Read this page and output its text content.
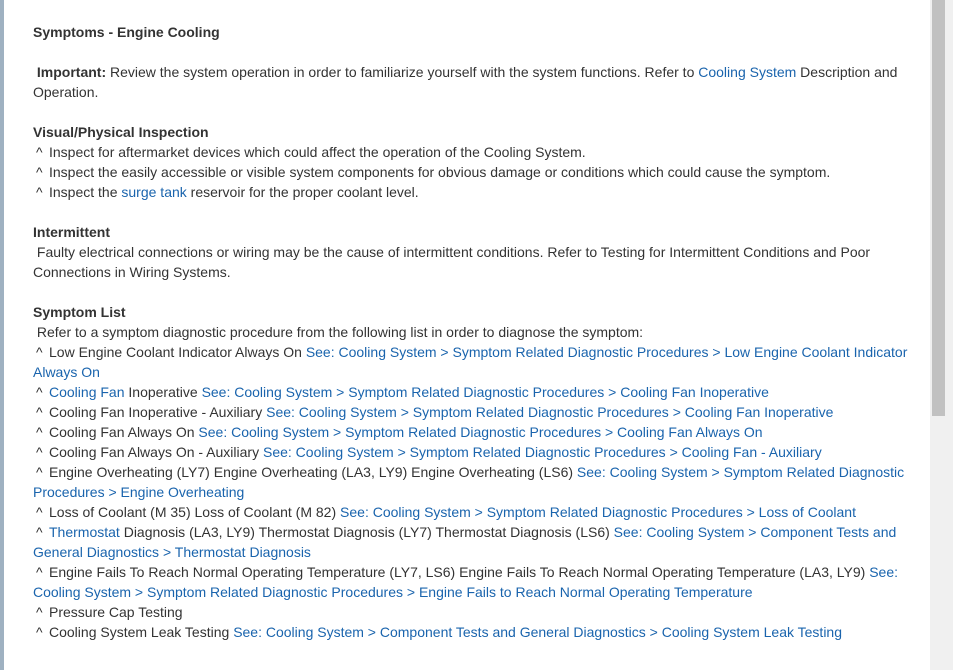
Symptoms - Engine Cooling

Important: Review the system operation in order to familiarize yourself with the system functions. Refer to Cooling System Description and Operation.

Visual/Physical Inspection

^ Inspect for aftermarket devices which could affect the operation of the Cooling System.

^ Inspect the easily accessible or visible system components for obvious damage or conditions which could cause the symptom.

^ Inspect the surge tank reservoir for the proper coolant level.

Intermittent

Faulty electrical connections or wiring may be the cause of intermittent conditions. Refer to Testing for Intermittent Conditions and Poor Connections in Wiring Systems.

Symptom List

Refer to a symptom diagnostic procedure from the following list in order to diagnose the symptom:

^ Low Engine Coolant Indicator Always On See: Cooling System > Symptom Related Diagnostic Procedures > Low Engine Coolant Indicator Always On

^ Cooling Fan Inoperative See: Cooling System > Symptom Related Diagnostic Procedures > Cooling Fan Inoperative

^ Cooling Fan Inoperative - Auxiliary See: Cooling System > Symptom Related Diagnostic Procedures > Cooling Fan Inoperative

^ Cooling Fan Always On See: Cooling System > Symptom Related Diagnostic Procedures > Cooling Fan Always On

^ Cooling Fan Always On - Auxiliary See: Cooling System > Symptom Related Diagnostic Procedures > Cooling Fan - Auxiliary

^ Engine Overheating (LY7) Engine Overheating (LA3, LY9) Engine Overheating (LS6) See: Cooling System > Symptom Related Diagnostic Procedures > Engine Overheating

^ Loss of Coolant (M 35) Loss of Coolant (M 82) See: Cooling System > Symptom Related Diagnostic Procedures > Loss of Coolant

^ Thermostat Diagnosis (LA3, LY9) Thermostat Diagnosis (LY7) Thermostat Diagnosis (LS6) See: Cooling System > Component Tests and General Diagnostics > Thermostat Diagnosis

^ Engine Fails To Reach Normal Operating Temperature (LY7, LS6) Engine Fails To Reach Normal Operating Temperature (LA3, LY9) See: Cooling System > Symptom Related Diagnostic Procedures > Engine Fails to Reach Normal Operating Temperature

^ Pressure Cap Testing

^ Cooling System Leak Testing See: Cooling System > Component Tests and General Diagnostics > Cooling System Leak Testing
